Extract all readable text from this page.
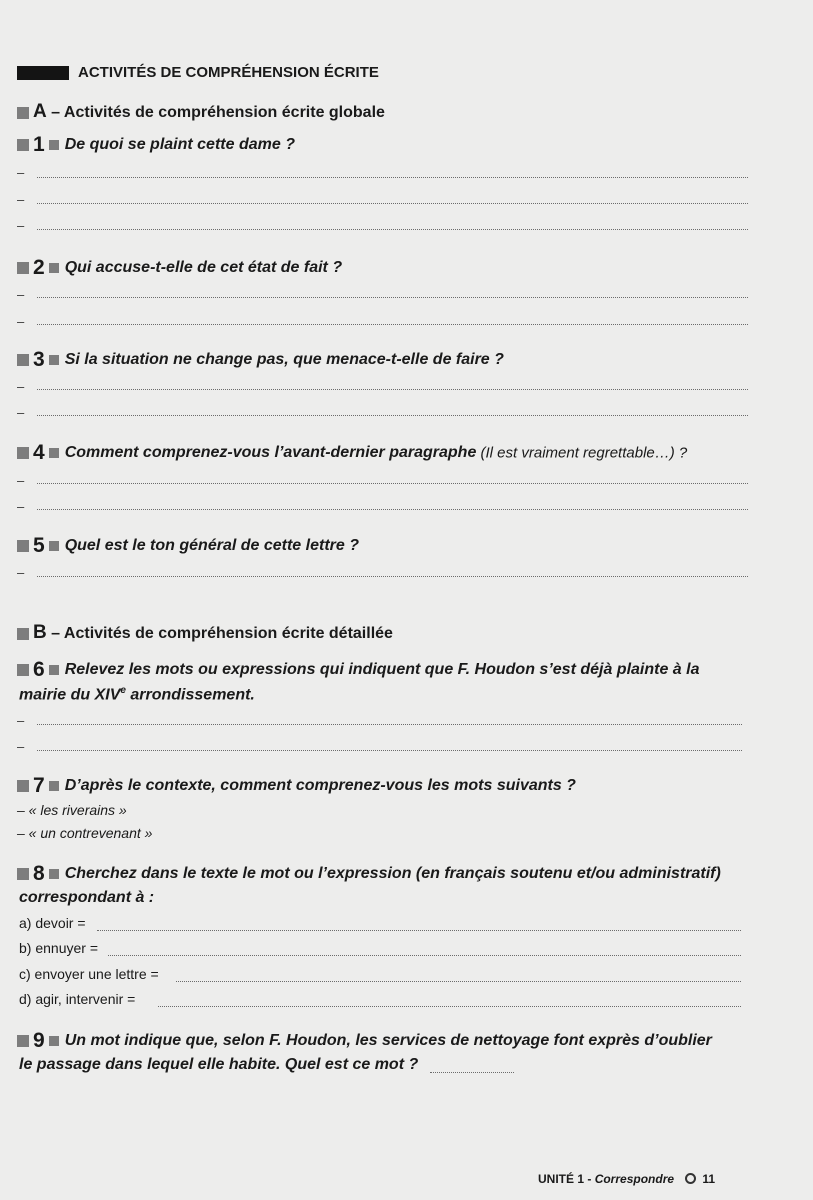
ACTIVITÉS DE COMPRÉHENSION ÉCRITE
A – Activités de compréhension écrite globale
1 De quoi se plaint cette dame ?
–
–
–
2 Qui accuse-t-elle de cet état de fait ?
–
–
3 Si la situation ne change pas, que menace-t-elle de faire ?
–
–
4 Comment comprenez-vous l’avant-dernier paragraphe (Il est vraiment regrettable…) ?
–
–
5 Quel est le ton général de cette lettre ?
–
B – Activités de compréhension écrite détaillée
6 Relevez les mots ou expressions qui indiquent que F. Houdon s’est déjà plainte à la
mairie du XIVe arrondissement.
–
–
7 D’après le contexte, comment comprenez-vous les mots suivants ?
– « les riverains »
– « un contrevenant »
8 Cherchez dans le texte le mot ou l’expression (en français soutenu et/ou administratif)
correspondant à :
a) devoir =
b) ennuyer =
c) envoyer une lettre =
d) agir, intervenir =
9 Un mot indique que, selon F. Houdon, les services de nettoyage font exprès d’oublier
le passage dans lequel elle habite. Quel est ce mot ?
UNITÉ 1 - Correspondre 11
